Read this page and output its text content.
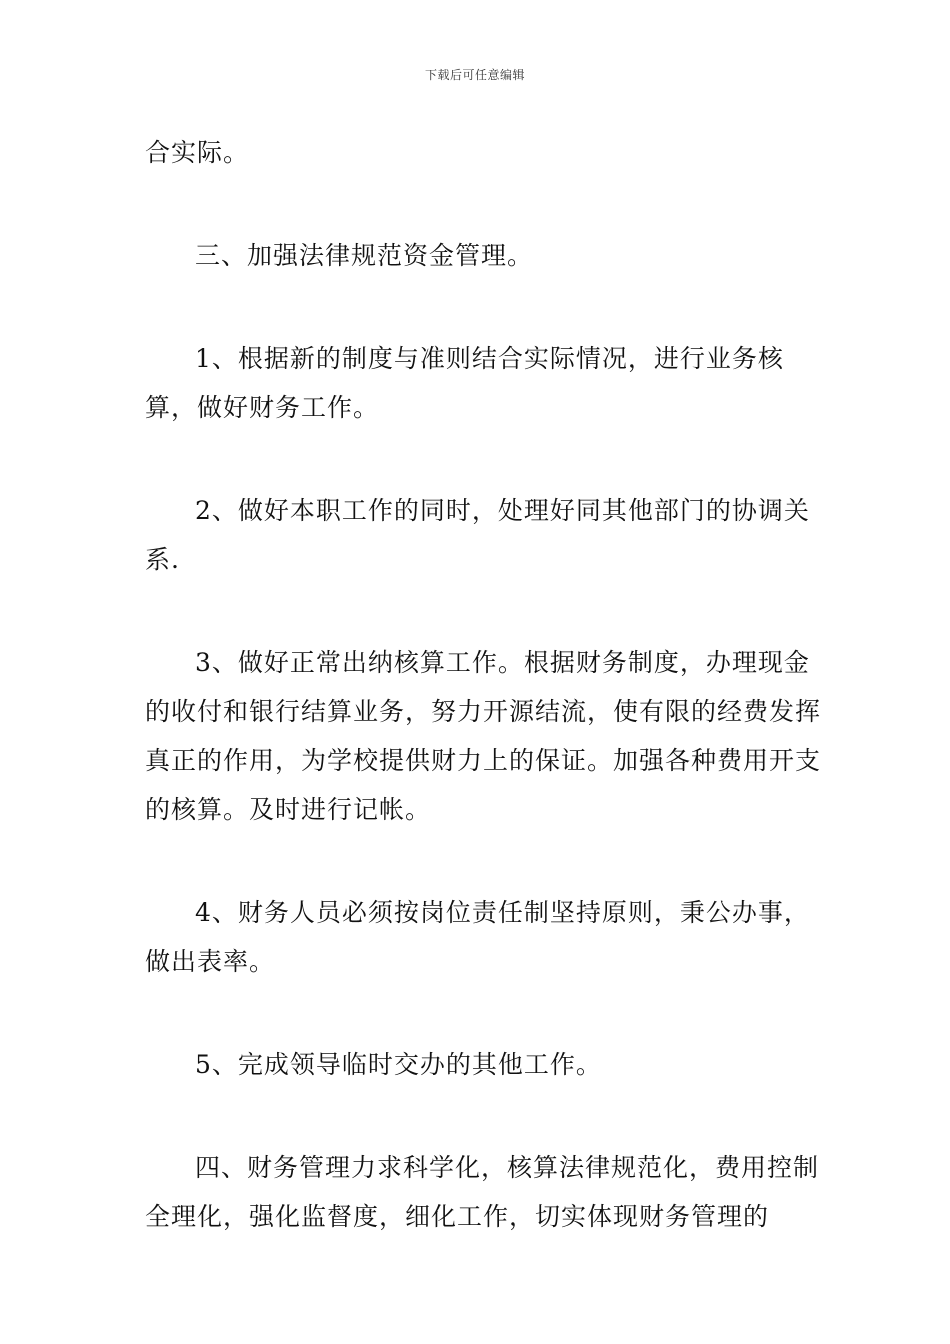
下载后可任意编辑

合实际。

三、加强法律规范资金管理。

1、根据新的制度与准则结合实际情况，进行业务核算，做好财务工作。

2、做好本职工作的同时，处理好同其他部门的协调关系.

3、做好正常出纳核算工作。根据财务制度，办理现金的收付和银行结算业务，努力开源结流，使有限的经费发挥真正的作用，为学校提供财力上的保证。加强各种费用开支的核算。及时进行记帐。

4、财务人员必须按岗位责任制坚持原则，秉公办事，做出表率。

5、完成领导临时交办的其他工作。

四、财务管理力求科学化，核算法律规范化，费用控制全理化，强化监督度，细化工作，切实体现财务管理的
